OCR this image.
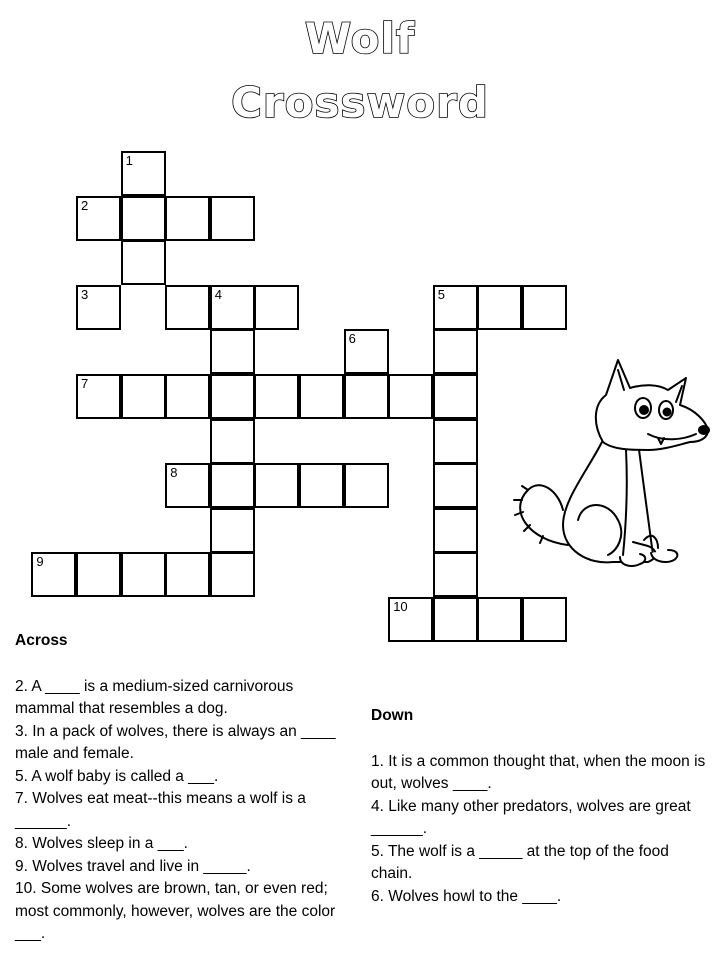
Wolf
Crossword
1
2
3	4
7
8
6
5
10
9
Across

2. A ____ is a medium-sized carnivorous mammal that resembles a dog.

3. In a pack of wolves, there is always an ____ male and female.

5. A wolf baby is called a ___.

7. Wolves eat meat--this means a wolf is a ______.

8. Wolves sleep in a ___.

9. Wolves travel and live in _____.

10. Some wolves are brown, tan, or even red; most commonly, however, wolves are the color ___.

Down

1. It is a common thought that, when the moon is out, wolves ____.

4. Like many other predators, wolves are great ______.

5. The wolf is a _____ at the top of the food chain.

6. Wolves howl to the ____.
